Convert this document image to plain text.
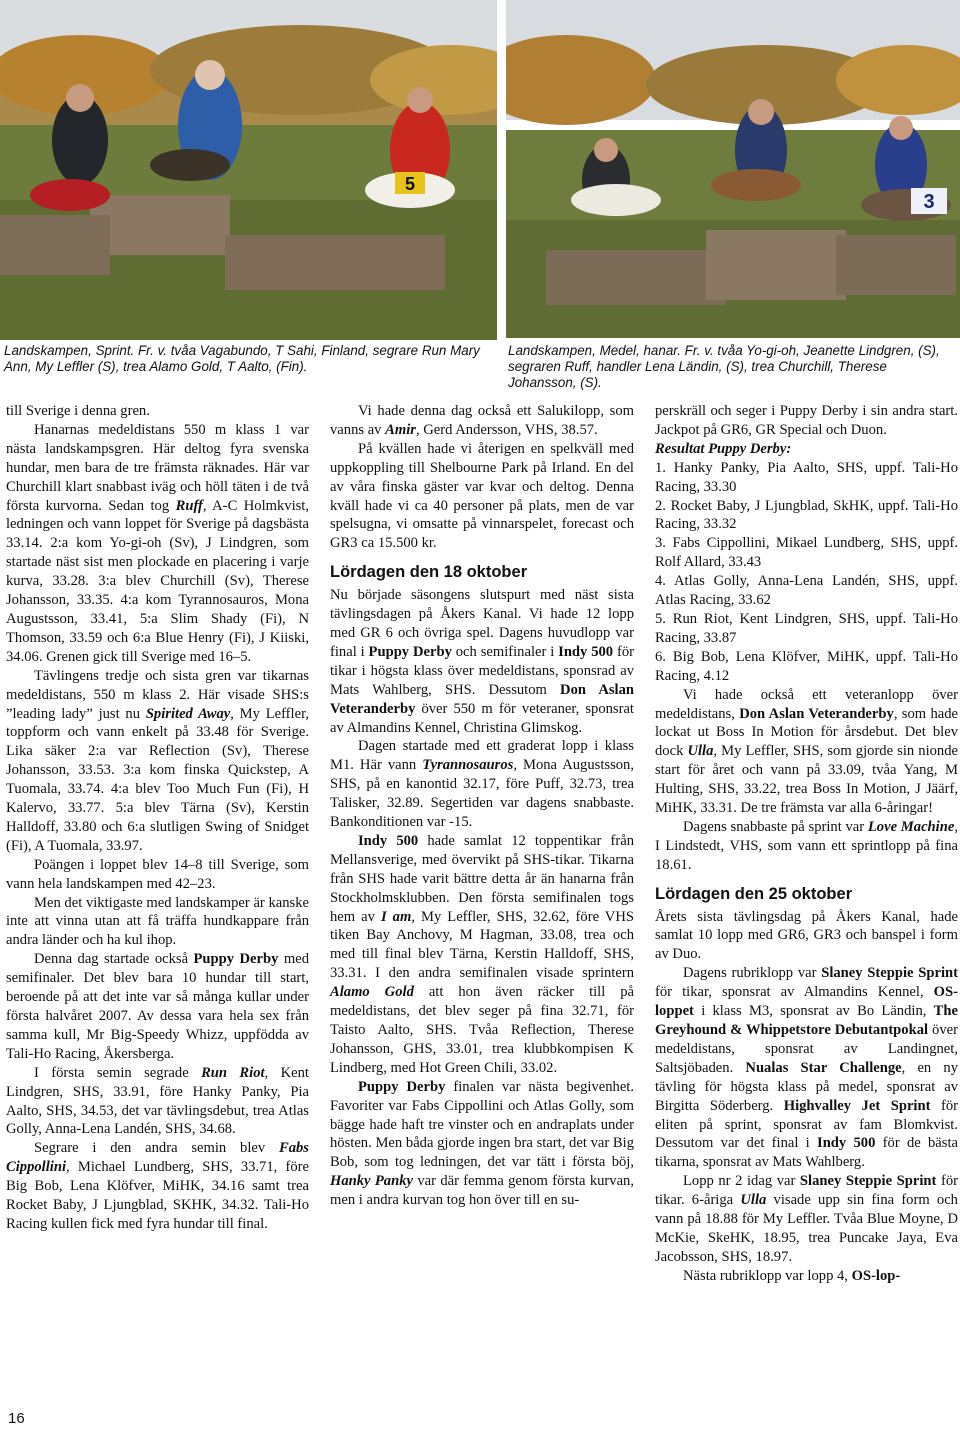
5
3
Landskampen, Sprint. Fr. v. tvåa Vagabundo, T Sahi, Finland, segrare Run Mary Ann, My Leffler (S), trea Alamo Gold, T Aalto, (Fin).
Landskampen, Medel, hanar. Fr. v. tvåa Yo-gi-oh, Jeanette Lindgren, (S), segraren Ruff, handler Lena Ländin, (S), trea Churchill, Therese Johansson, (S).

till Sverige i denna gren.

Hanarnas medeldistans 550 m klass 1 var nästa landskampsgren. Här deltog fyra svenska hundar, men bara de tre främsta räknades. Här var Churchill klart snabbast iväg och höll täten i de två första kurvorna. Sedan tog Ruff, A-C Holmkvist, ledningen och vann loppet för Sverige på dagsbästa 33.14. 2:a kom Yo-gi-oh (Sv), J Lindgren, som startade näst sist men plockade en placering i varje kurva, 33.28. 3:a blev Churchill (Sv), Therese Johansson, 33.35. 4:a kom Tyrannosauros, Mona Augustsson, 33.41, 5:a Slim Shady (Fi), N Thomson, 33.59 och 6:a Blue Henry (Fi), J Kiiski, 34.06. Grenen gick till Sverige med 16–5.

Tävlingens tredje och sista gren var tikarnas medeldistans, 550 m klass 2. Här visade SHS:s ”leading lady” just nu Spirited Away, My Leffler, toppform och vann enkelt på 33.48 för Sverige. Lika säker 2:a var Reflection (Sv), Therese Johansson, 33.53. 3:a kom finska Quickstep, A Tuomala, 33.74. 4:a blev Too Much Fun (Fi), H Kalervo, 33.77. 5:a blev Tärna (Sv), Kerstin Halldoff, 33.80 och 6:a slutligen Swing of Snidget (Fi), A Tuomala, 33.97.

Poängen i loppet blev 14–8 till Sverige, som vann hela landskampen med 42–23.

Men det viktigaste med landskamper är kanske inte att vinna utan att få träffa hundkappare från andra länder och ha kul ihop.

Denna dag startade också Puppy Derby med semifinaler. Det blev bara 10 hundar till start, beroende på att det inte var så många kullar under första halvåret 2007. Av dessa vara hela sex från samma kull, Mr Big-Speedy Whizz, uppfödda av Tali-Ho Racing, Åkersberga.

I första semin segrade Run Riot, Kent Lindgren, SHS, 33.91, före Hanky Panky, Pia Aalto, SHS, 34.53, det var tävlingsdebut, trea Atlas Golly, Anna-Lena Landén, SHS, 34.68.

Segrare i den andra semin blev Fabs Cippollini, Michael Lundberg, SHS, 33.71, före Big Bob, Lena Klöfver, MiHK, 34.16 samt trea Rocket Baby, J Ljungblad, SKHK, 34.32. Tali-Ho Racing kullen fick med fyra hundar till final.

Vi hade denna dag också ett Salukilopp, som vanns av Amir, Gerd Andersson, VHS, 38.57.

På kvällen hade vi återigen en spelkväll med uppkoppling till Shelbourne Park på Irland. En del av våra finska gäster var kvar och deltog. Denna kväll hade vi ca 40 personer på plats, men de var spelsugna, vi omsatte på vinnarspelet, forecast och GR3 ca 15.500 kr.

Lördagen den 18 oktober

Nu började säsongens slutspurt med näst sista tävlingsdagen på Åkers Kanal. Vi hade 12 lopp med GR 6 och övriga spel. Dagens huvudlopp var final i Puppy Derby och semifinaler i Indy 500 för tikar i högsta klass över medeldistans, sponsrad av Mats Wahlberg, SHS. Dessutom Don Aslan Veteranderby över 550 m för veteraner, sponsrat av Almandins Kennel, Christina Glimskog.

Dagen startade med ett graderat lopp i klass M1. Här vann Tyrannosauros, Mona Augustsson, SHS, på en kanontid 32.17, före Puff, 32.73, trea Talisker, 32.89. Segertiden var dagens snabbaste. Bankonditionen var -15.

Indy 500 hade samlat 12 toppentikar från Mellansverige, med övervikt på SHS-tikar. Tikarna från SHS hade varit bättre detta år än hanarna från Stockholmsklubben. Den första semifinalen togs hem av I am, My Leffler, SHS, 32.62, före VHS tiken Bay Anchovy, M Hagman, 33.08, trea och med till final blev Tärna, Kerstin Halldoff, SHS, 33.31. I den andra semifinalen visade sprintern Alamo Gold att hon även räcker till på medeldistans, det blev seger på fina 32.71, för Taisto Aalto, SHS. Tvåa Reflection, Therese Johansson, GHS, 33.01, trea klubbkompisen K Lindberg, med Hot Green Chili, 33.02.

Puppy Derby finalen var nästa begivenhet. Favoriter var Fabs Cippollini och Atlas Golly, som bägge hade haft tre vinster och en andraplats under hösten. Men båda gjorde ingen bra start, det var Big Bob, som tog ledningen, det var tätt i första böj, Hanky Panky var där femma genom första kurvan, men i andra kurvan tog hon över till en su-

perskräll och seger i Puppy Derby i sin andra start. Jackpot på GR6, GR Special och Duon.

Resultat Puppy Derby:

1. Hanky Panky, Pia Aalto, SHS, uppf. Tali-Ho Racing, 33.30

2. Rocket Baby, J Ljungblad, SkHK, uppf. Tali-Ho Racing, 33.32

3. Fabs Cippollini, Mikael Lundberg, SHS, uppf. Rolf Allard, 33.43

4. Atlas Golly, Anna-Lena Landén, SHS, uppf. Atlas Racing, 33.62

5. Run Riot, Kent Lindgren, SHS, uppf. Tali-Ho Racing, 33.87

6. Big Bob, Lena Klöfver, MiHK, uppf. Tali-Ho Racing, 4.12

Vi hade också ett veteranlopp över medeldistans, Don Aslan Veteranderby, som hade lockat ut Boss In Motion för årsdebut. Det blev dock Ulla, My Leffler, SHS, som gjorde sin nionde start för året och vann på 33.09, tvåa Yang, M Hulting, SHS, 33.22, trea Boss In Motion, J Jäärf, MiHK, 33.31. De tre främsta var alla 6-åringar!

Dagens snabbaste på sprint var Love Machine, I Lindstedt, VHS, som vann ett sprintlopp på fina 18.61.

Lördagen den 25 oktober

Årets sista tävlingsdag på Åkers Kanal, hade samlat 10 lopp med GR6, GR3 och banspel i form av Duo.

Dagens rubriklopp var Slaney Steppie Sprint för tikar, sponsrat av Almandins Kennel, OS-loppet i klass M3, sponsrat av Bo Ländin, The Greyhound & Whippetstore Debutantpokal över medeldistans, sponsrat av Landingnet, Saltsjöbaden. Nualas Star Challenge, en ny tävling för högsta klass på medel, sponsrat av Birgitta Söderberg. Highvalley Jet Sprint för eliten på sprint, sponsrat av fam Blomkvist. Dessutom var det final i Indy 500 för de bästa tikarna, sponsrat av Mats Wahlberg.

Lopp nr 2 idag var Slaney Steppie Sprint för tikar. 6-åriga Ulla visade upp sin fina form och vann på 18.88 för My Leffler. Tvåa Blue Moyne, D McKie, SkeHK, 18.95, trea Puncake Jaya, Eva Jacobsson, SHS, 18.97.

Nästa rubriklopp var lopp 4, OS-lop-

16
